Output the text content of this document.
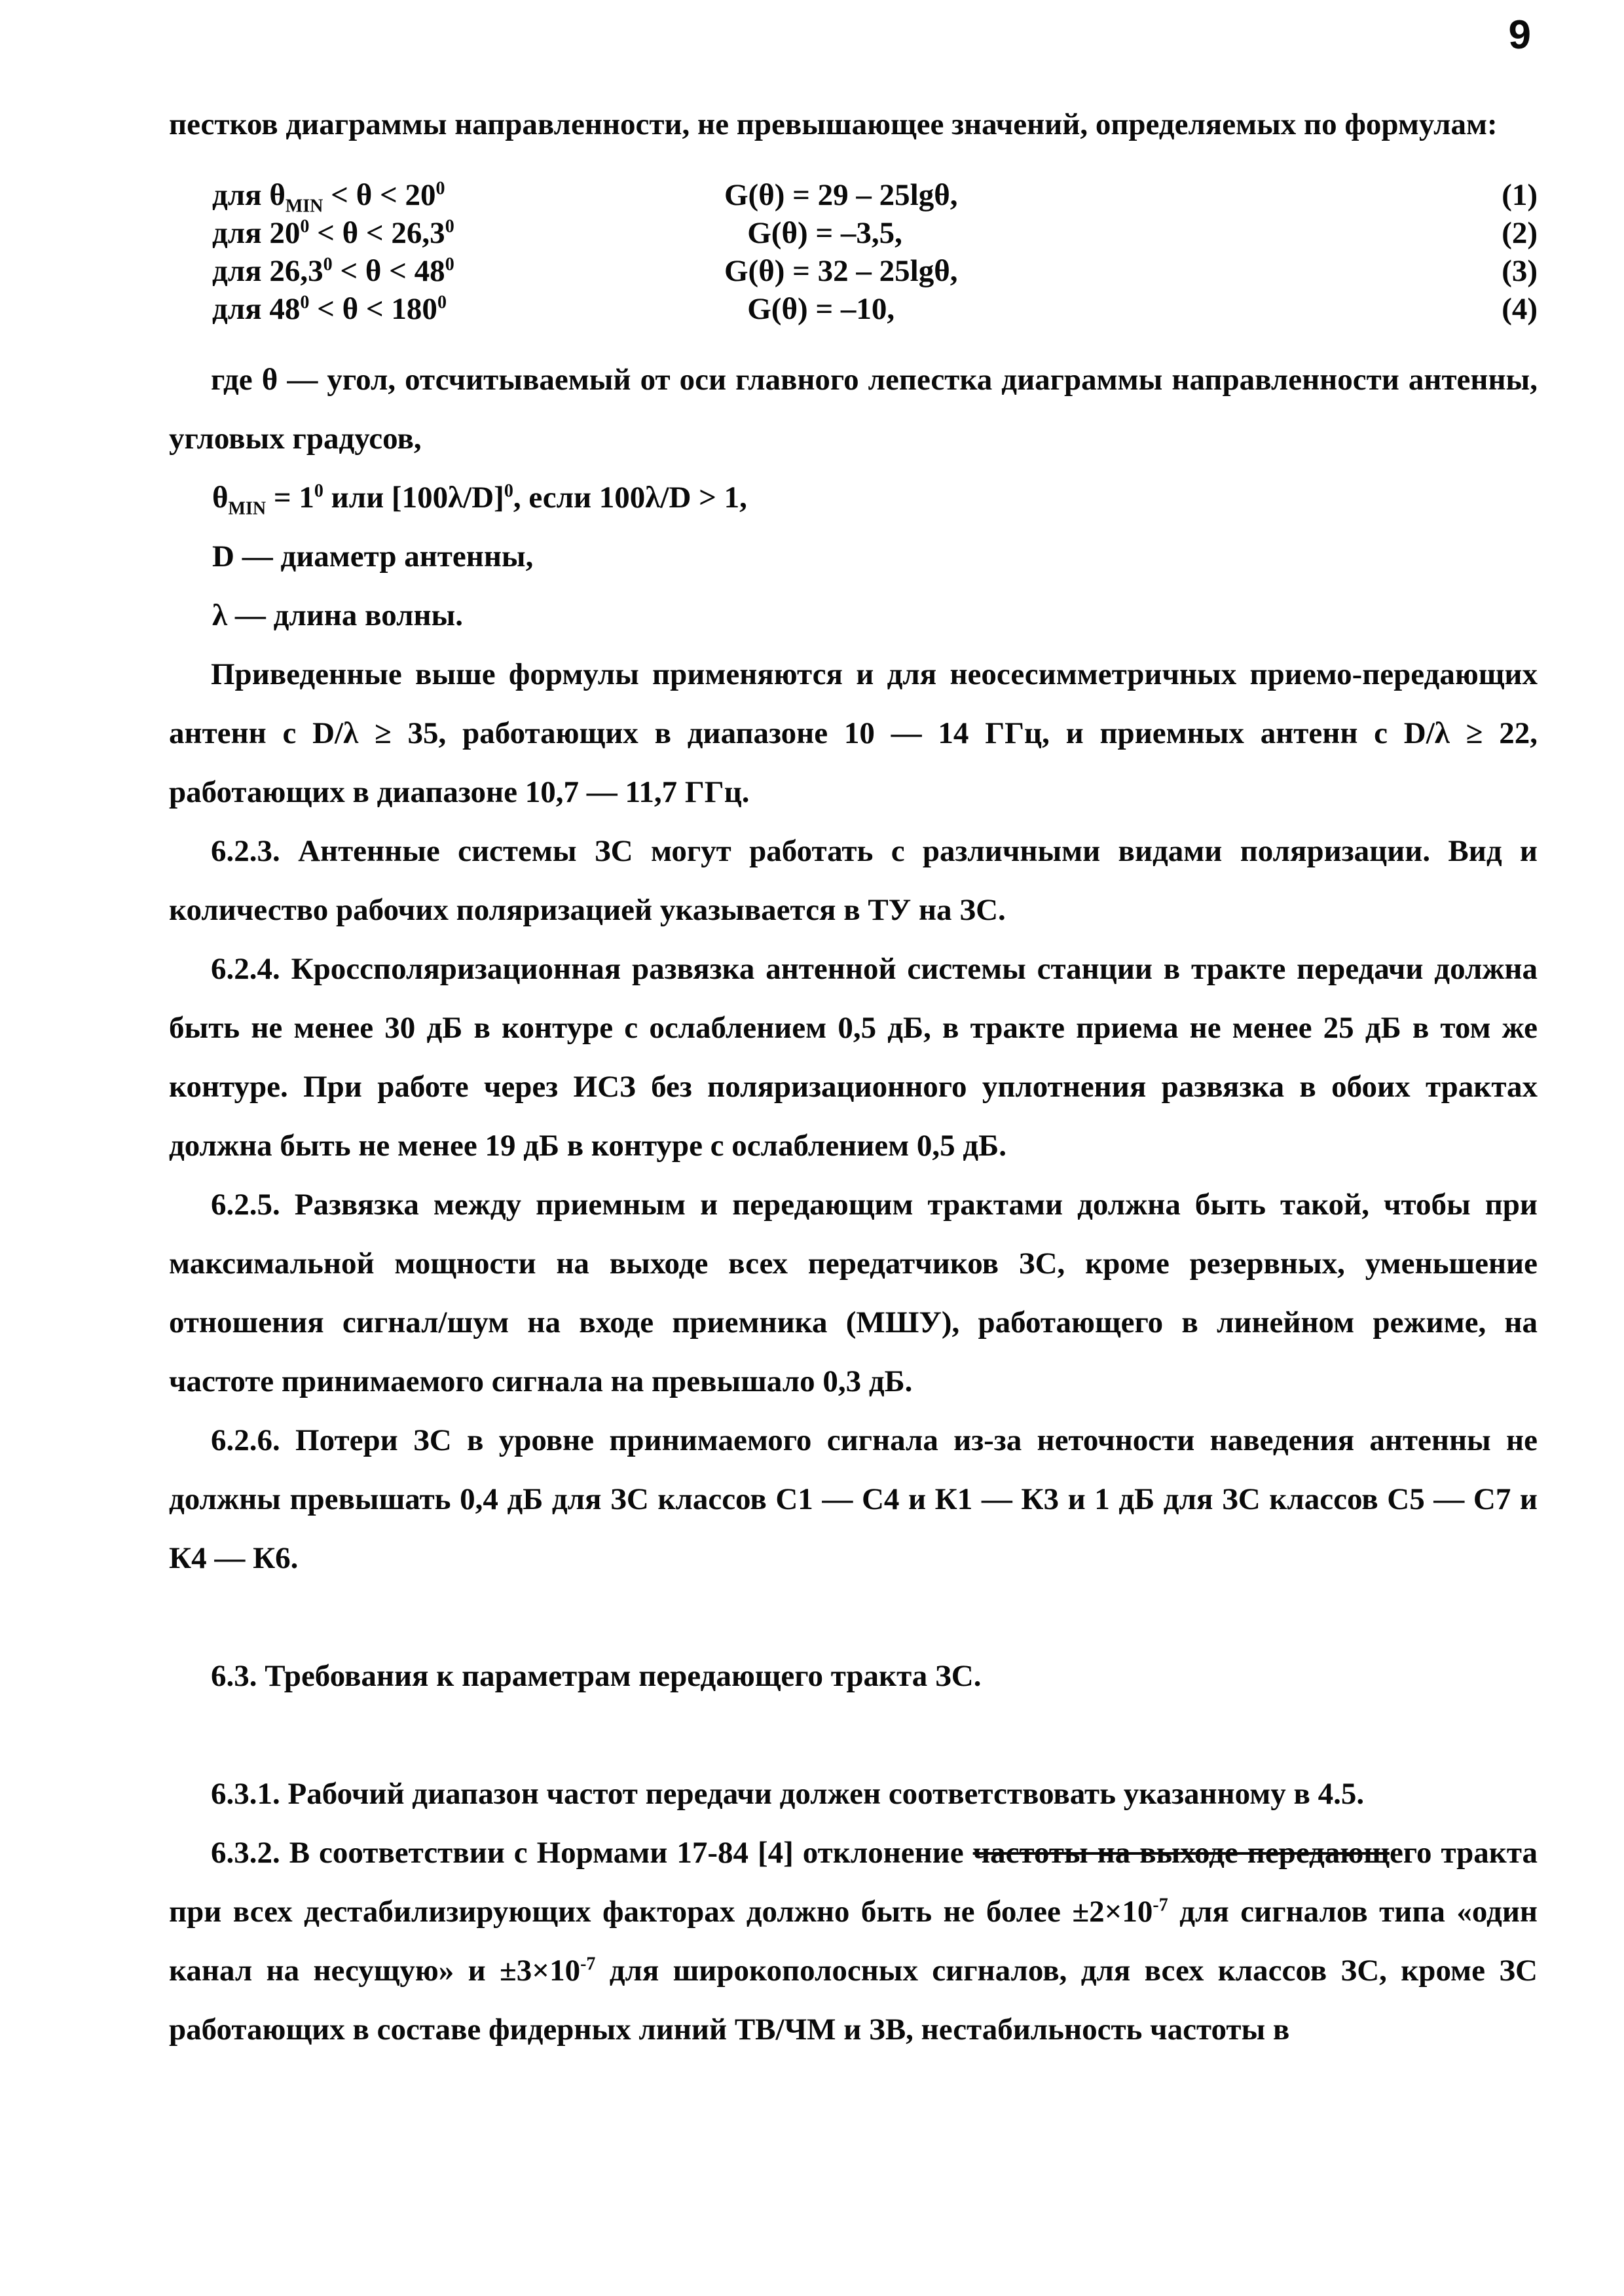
9

пестков диаграммы направленности, не превышающее значений, определяемых по формулам:

для $\theta_{MIN} < \theta < 20^0$	G(θ) = 29 – 25lgθ,	(1)
для $20^0 < \theta < 26,3^0$	G(θ) = –3,5,	(2)
для $26,3^0 < \theta < 48^0$	G(θ) = 32 – 25lgθ,	(3)
для $48^0 < \theta < 180^0$	G(θ) = –10,	(4)

где θ — угол, отсчитываемый от оси главного лепестка диаграммы направленности антенны, угловых градусов,

$\theta_{MIN} = 1^0$ или $[100\lambda/D]^0$, если 100λ/D > 1,

D — диаметр антенны,

λ — длина волны.

Приведенные выше формулы применяются и для неосесимметричных приемо-передающих антенн с D/λ ≥ 35, работающих в диапазоне 10 — 14 ГГц, и приемных антенн с D/λ ≥ 22, работающих в диапазоне 10,7 — 11,7 ГГц.

6.2.3. Антенные системы ЗС могут работать с различными видами поляризации. Вид и количество рабочих поляризацией указывается в ТУ на ЗС.

6.2.4. Кроссполяризационная развязка антенной системы станции в тракте передачи должна быть не менее 30 дБ в контуре с ослаблением 0,5 дБ, в тракте приема не менее 25 дБ в том же контуре. При работе через ИСЗ без поляризационного уплотнения развязка в обоих трактах должна быть не менее 19 дБ в контуре с ослаблением 0,5 дБ.

6.2.5. Развязка между приемным и передающим трактами должна быть такой, чтобы при максимальной мощности на выходе всех передатчиков ЗС, кроме резервных, уменьшение отношения сигнал/шум на входе приемника (МШУ), работающего в линейном режиме, на частоте принимаемого сигнала на превышало 0,3 дБ.

6.2.6. Потери ЗС в уровне принимаемого сигнала из-за неточности наведения антенны не должны превышать 0,4 дБ для ЗС классов С1 — С4 и К1 — К3 и 1 дБ для ЗС классов С5 — С7 и К4 — К6.

6.3. Требования к параметрам передающего тракта ЗС.

6.3.1. Рабочий диапазон частот передачи должен соответствовать указанному в 4.5.

6.3.2. В соответствии с Нормами 17-84 [4] отклонение частоты на выходе передающего тракта при всех дестабилизирующих факторах должно быть не более $\pm 2\times 10^{-7}$ для сигналов типа «один канал на несущую» $и \pm 3\times 10^{-7}$ для широкополосных сигналов, для всех классов ЗС, кроме ЗС работающих в составе фидерных линий ТВ/ЧМ и ЗВ, нестабильность частоты в
